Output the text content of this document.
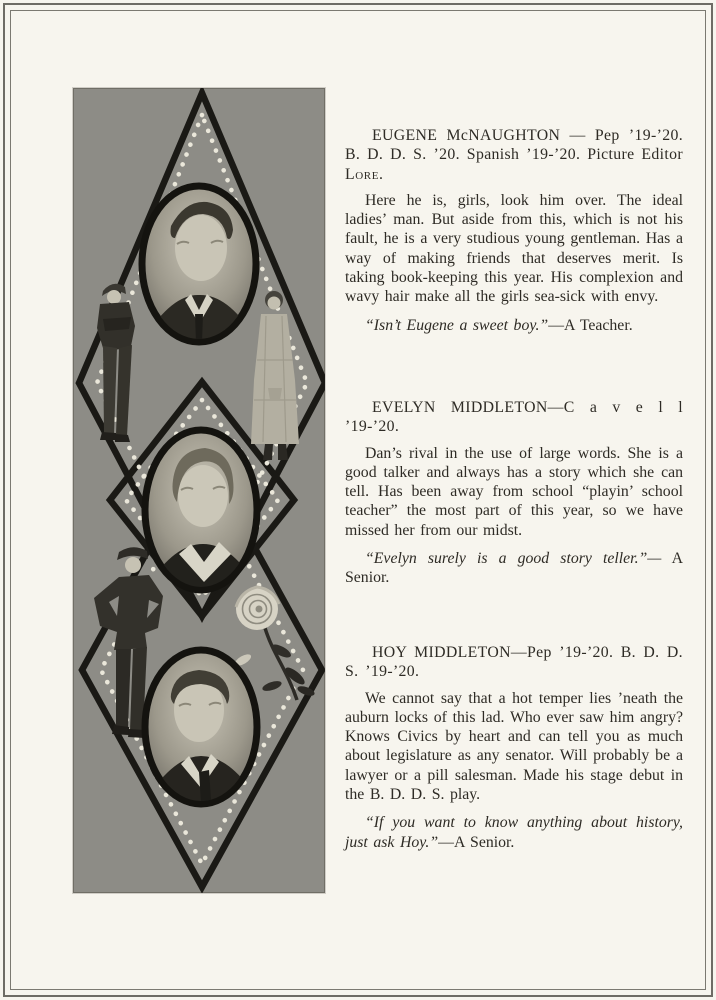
EUGENE McNAUGHTON — Pep ’19-’20. B. D. D. S. ’20. Spanish ’19-’20. Picture Editor Lore.

Here he is, girls, look him over. The ideal ladies’ man. But aside from this, which is not his fault, he is a very studious young gentleman. Has a way of making friends that deserves merit. Is taking book-keeping this year. His complexion and wavy hair make all the girls sea-sick with envy.

“Isn’t Eugene a sweet boy.”—A Teacher.

EVELYN MIDDLETON—C a v e l l ’19-’20.

Dan’s rival in the use of large words. She is a good talker and always has a story which she can tell. Has been away from school “playin’ school teacher” the most part of this year, so we have missed her from our midst.

“Evelyn surely is a good story teller.”— A Senior.

HOY MIDDLETON—Pep ’19-’20. B. D. D. S. ’19-’20.

We cannot say that a hot temper lies ’neath the auburn locks of this lad. Who ever saw him angry? Knows Civics by heart and can tell you as much about legislature as any senator. Will probably be a lawyer or a pill salesman. Made his stage debut in the B. D. D. S. play.

“If you want to know anything about history, just ask Hoy.”—A Senior.
